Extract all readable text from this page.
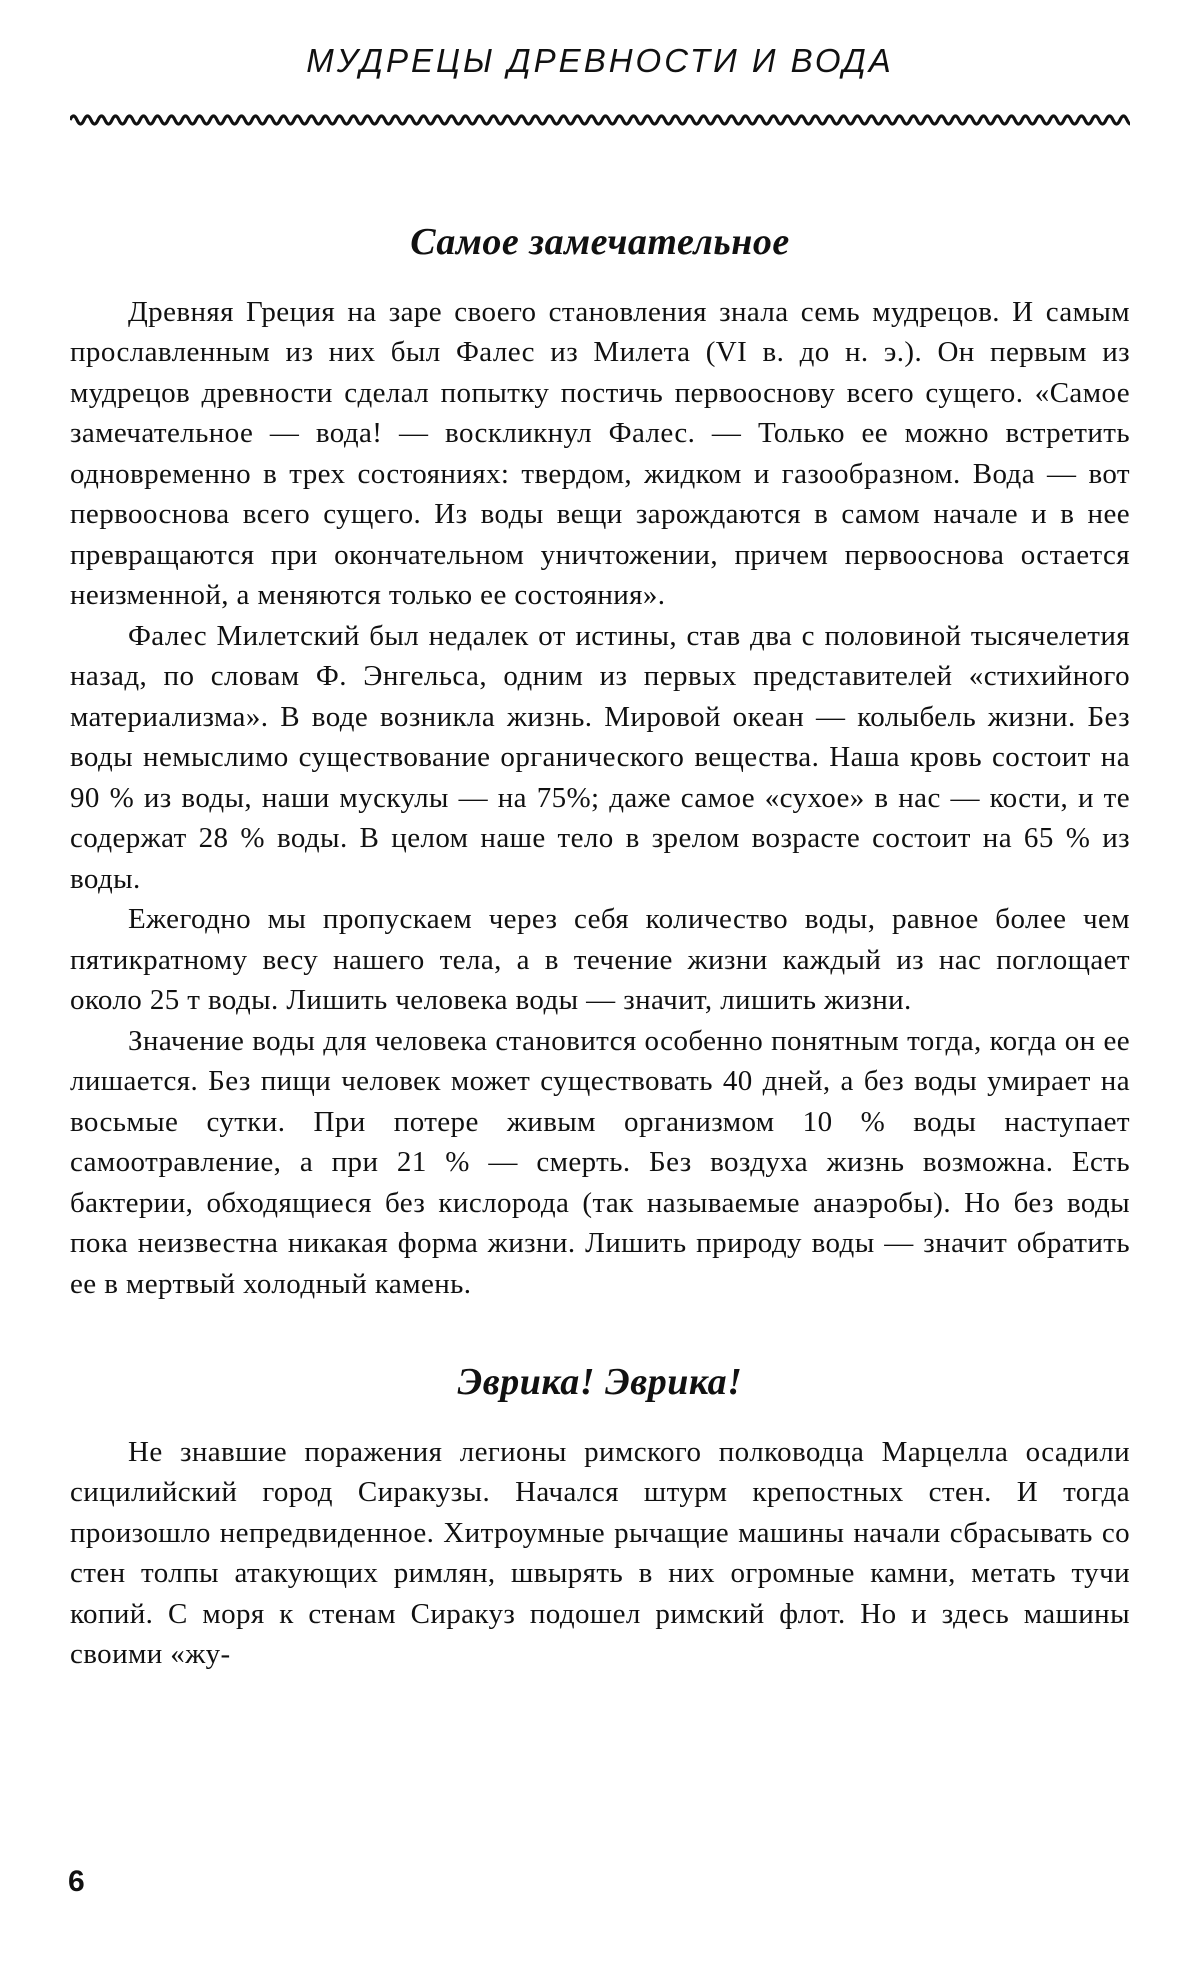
МУДРЕЦЫ ДРЕВНОСТИ И ВОДА
Самое замечательное

Древняя Греция на заре своего становления знала семь мудрецов. И самым прославленным из них был Фалес из Милета (VI в. до н. э.). Он первым из мудрецов древности сделал попытку постичь первооснову всего сущего. «Самое замечательное — вода! — воскликнул Фалес. — Только ее можно встретить одновременно в трех состояниях: твердом, жидком и газообразном. Вода — вот первооснова всего сущего. Из воды вещи зарождаются в самом начале и в нее превращаются при окончательном уничтожении, причем первооснова остается неизменной, а меняются только ее состояния».

Фалес Милетский был недалек от истины, став два с половиной тысячелетия назад, по словам Ф. Энгельса, одним из первых представителей «стихийного материализма». В воде возникла жизнь. Мировой океан — колыбель жизни. Без воды немыслимо существование органического вещества. Наша кровь состоит на 90 % из воды, наши мускулы — на 75%; даже самое «сухое» в нас — кости, и те содержат 28 % воды. В целом наше тело в зрелом возрасте состоит на 65 % из воды.

Ежегодно мы пропускаем через себя количество воды, равное более чем пятикратному весу нашего тела, а в течение жизни каждый из нас поглощает около 25 т воды. Лишить человека воды — значит, лишить жизни.

Значение воды для человека становится особенно понятным тогда, когда он ее лишается. Без пищи человек может существовать 40 дней, а без воды умирает на восьмые сутки. При потере живым организмом 10 % воды наступает самоотравление, а при 21 % — смерть. Без воздуха жизнь возможна. Есть бактерии, обходящиеся без кислорода (так называемые анаэробы). Но без воды пока неизвестна никакая форма жизни. Лишить природу воды — значит обратить ее в мертвый холодный камень.

Эврика! Эврика!

Не знавшие поражения легионы римского полководца Марцелла осадили сицилийский город Сиракузы. Начался штурм крепостных стен. И тогда произошло непредвиденное. Хитроумные рычащие машины начали сбрасывать со стен толпы атакующих римлян, швырять в них огромные камни, метать тучи копий. С моря к стенам Сиракуз подошел римский флот. Но и здесь машины своими «жу-

6
